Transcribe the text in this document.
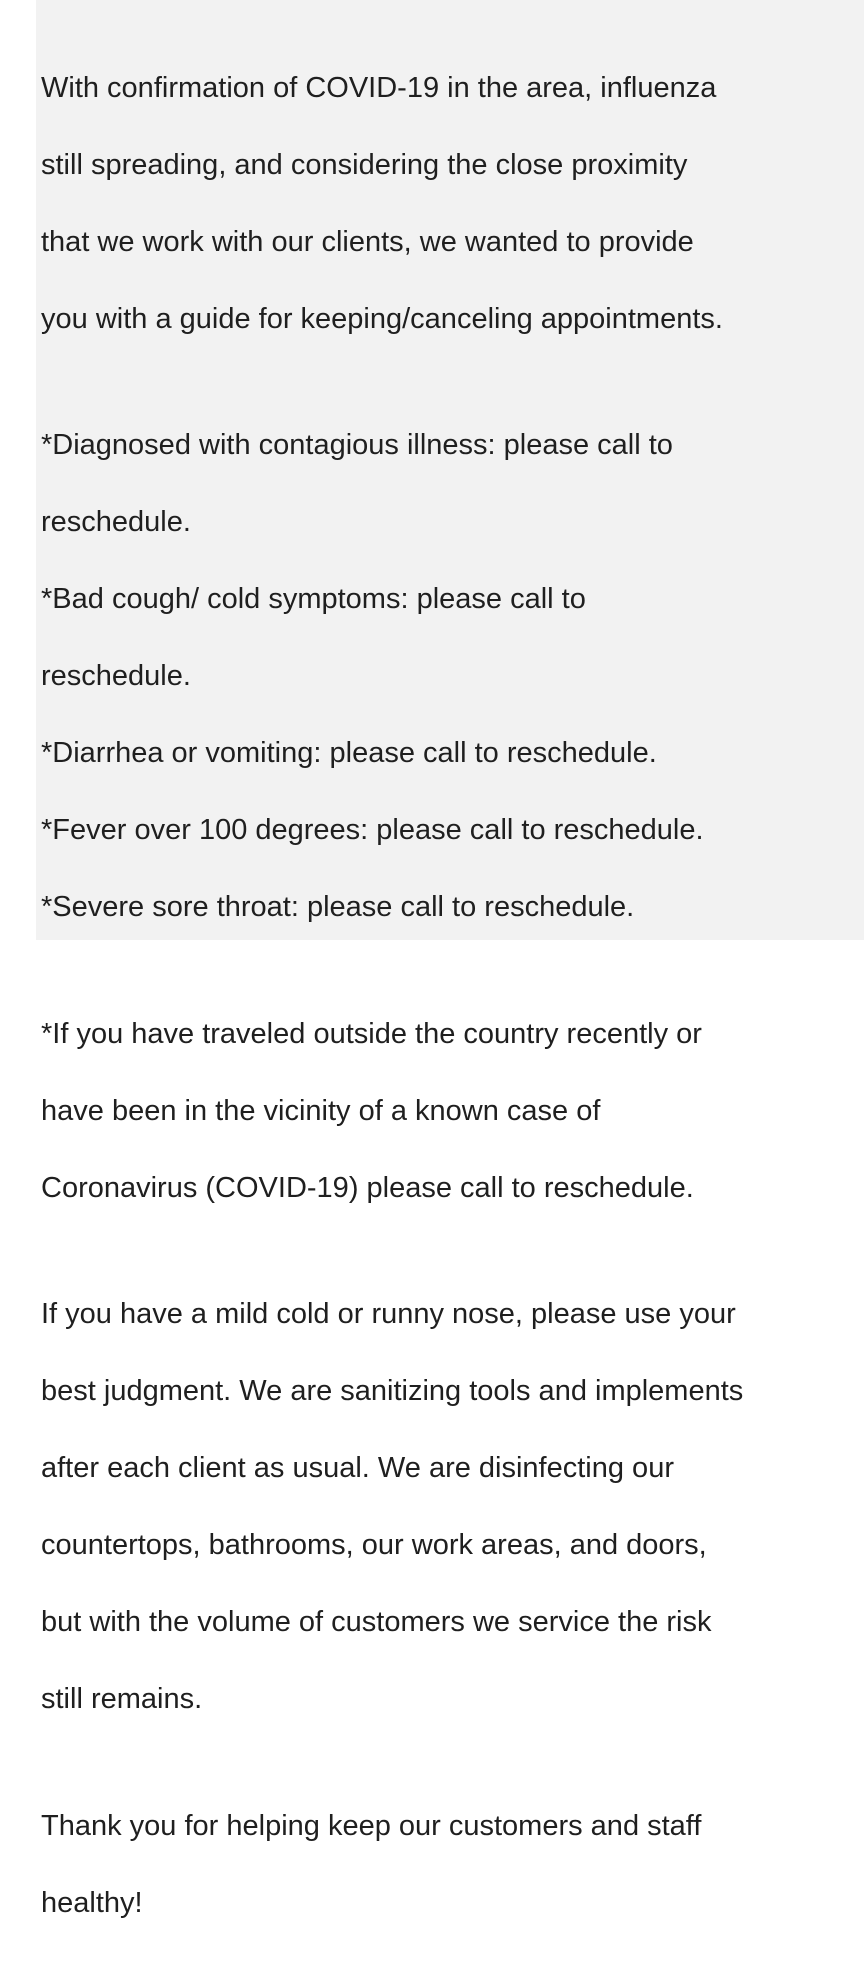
With confirmation of COVID-19 in the area, influenza

still spreading, and considering the close proximity

that we work with our clients, we wanted to provide

you with a guide for keeping/canceling appointments.

*Diagnosed with contagious illness: please call to

reschedule.

*Bad cough/ cold symptoms: please call to

reschedule.

*Diarrhea or vomiting: please call to reschedule.

*Fever over 100 degrees: please call to reschedule.

*Severe sore throat: please call to reschedule.

*If you have traveled outside the country recently or

have been in the vicinity of a known case of

Coronavirus (COVID-19) please call to reschedule.

If you have a mild cold or runny nose, please use your

best judgment. We are sanitizing tools and implements

after each client as usual. We are disinfecting our

countertops, bathrooms, our work areas, and doors,

but with the volume of customers we service the risk

still remains.

Thank you for helping keep our customers and staff

healthy!
